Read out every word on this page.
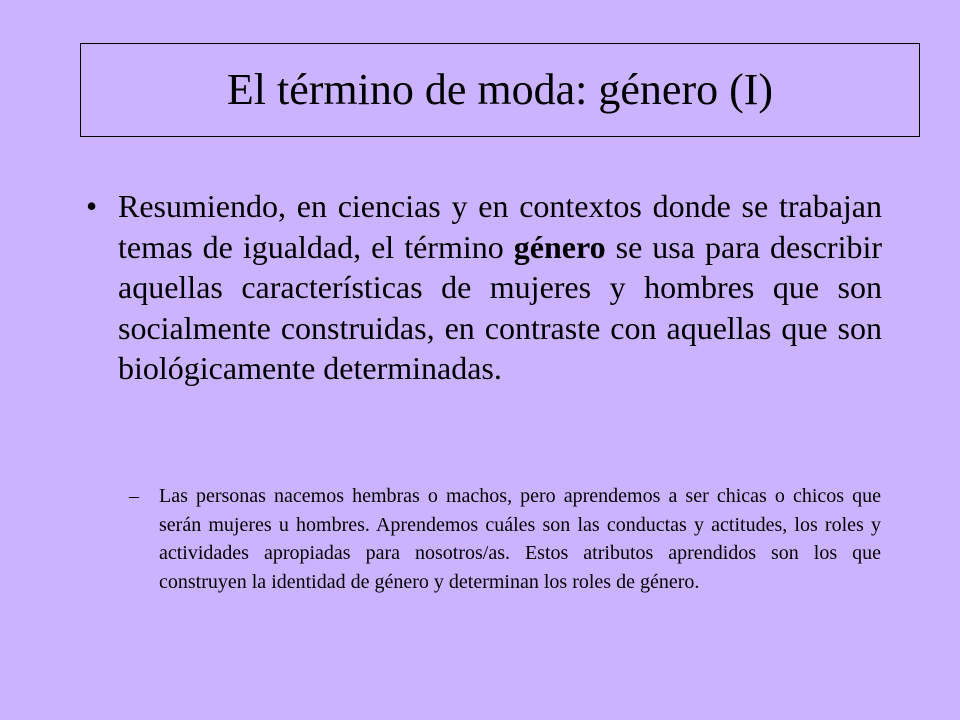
El término de moda: género (I)
• Resumiendo, en ciencias y en contextos donde se trabajan temas de igualdad, el término género se usa para describir aquellas características de mujeres y hombres que son socialmente construidas, en contraste con aquellas que son biológicamente determinadas.
– Las personas nacemos hembras o machos, pero aprendemos a ser chicas o chicos que serán mujeres u hombres. Aprendemos cuáles son las conductas y actitudes, los roles y actividades apropiadas para nosotros/as. Estos atributos aprendidos son los que construyen la identidad de género y determinan los roles de género.
